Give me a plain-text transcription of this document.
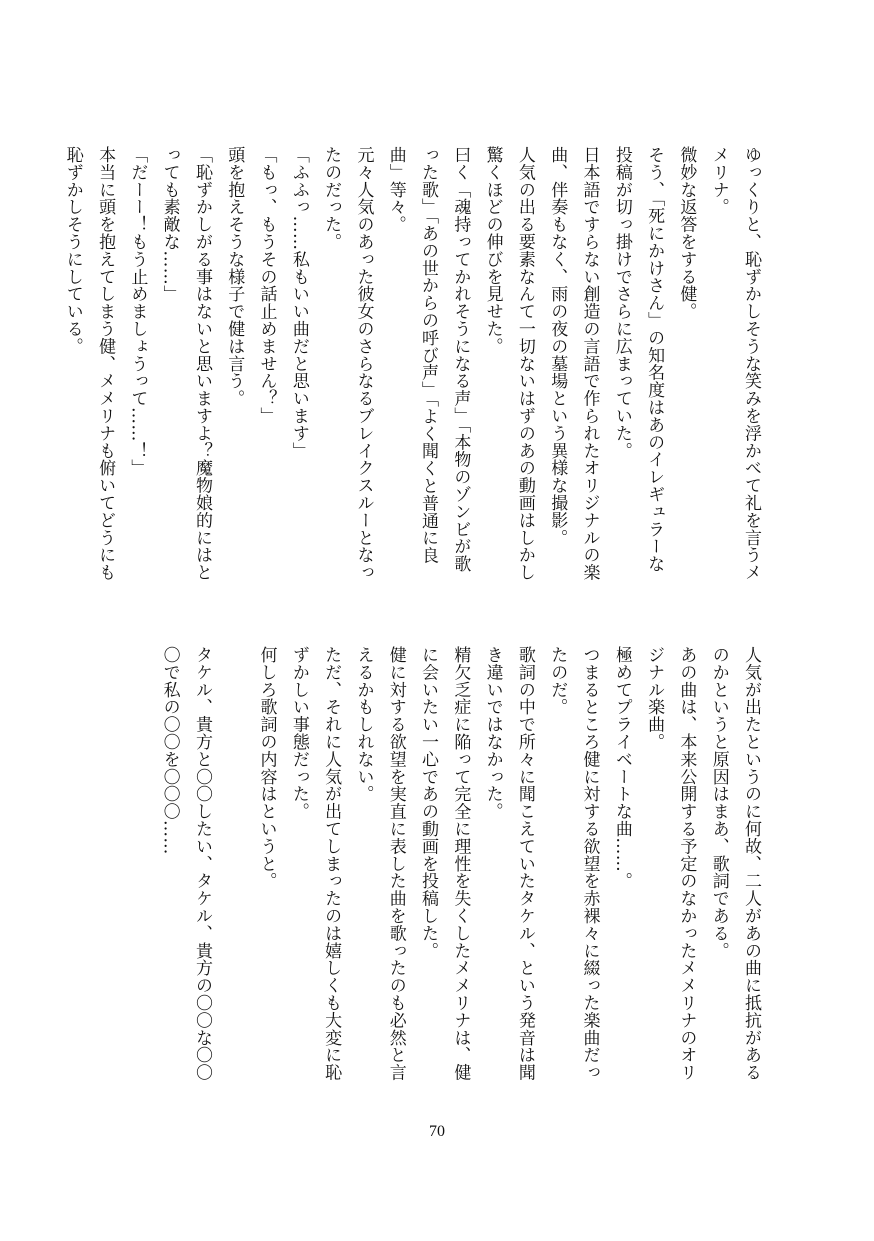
ゆっくりと、恥ずかしそうな笑みを浮かべて礼を言うメ
メリナ。
微妙な返答をする健。
そう、「死にかけさん」の知名度はあのイレギュラーな
投稿が切っ掛けでさらに広まっていた。
日本語ですらない創造の言語で作られたオリジナルの楽
曲、伴奏もなく、雨の夜の墓場という異様な撮影。
人気の出る要素なんて一切ないはずのあの動画はしかし
驚くほどの伸びを見せた。
曰く「魂持ってかれそうになる声」「本物のゾンビが歌
った歌」「あの世からの呼び声」「よく聞くと普通に良
曲」等々。
元々人気のあった彼女のさらなるブレイクスルーとなっ
たのだった。
「ふふっ……私もいい曲だと思います」
「もっ、もうその話止めません？」
頭を抱えそうな様子で健は言う。
「恥ずかしがる事はないと思いますよ？魔物娘的にはと
っても素敵な……」
「だーー！もう止めましょうって……！」
本当に頭を抱えてしまう健、メメリナも俯いてどうにも
恥ずかしそうにしている。
人気が出たというのに何故、二人があの曲に抵抗がある
のかというと原因はまあ、歌詞である。
あの曲は、本来公開する予定のなかったメメリナのオリ
ジナル楽曲。
極めてプライベートな曲……。
つまるところ健に対する欲望を赤裸々に綴った楽曲だっ
たのだ。
歌詞の中で所々に聞こえていたタケル、という発音は聞
き違いではなかった。
精欠乏症に陥って完全に理性を失くしたメメリナは、健
に会いたい一心であの動画を投稿した。
健に対する欲望を実直に表した曲を歌ったのも必然と言
えるかもしれない。
ただ、それに人気が出てしまったのは嬉しくも大変に恥
ずかしい事態だった。
何しろ歌詞の内容はというと。

タケル、貴方と〇〇したい、タケル、貴方の〇〇な〇〇
〇で私の〇〇を〇〇〇……
70
